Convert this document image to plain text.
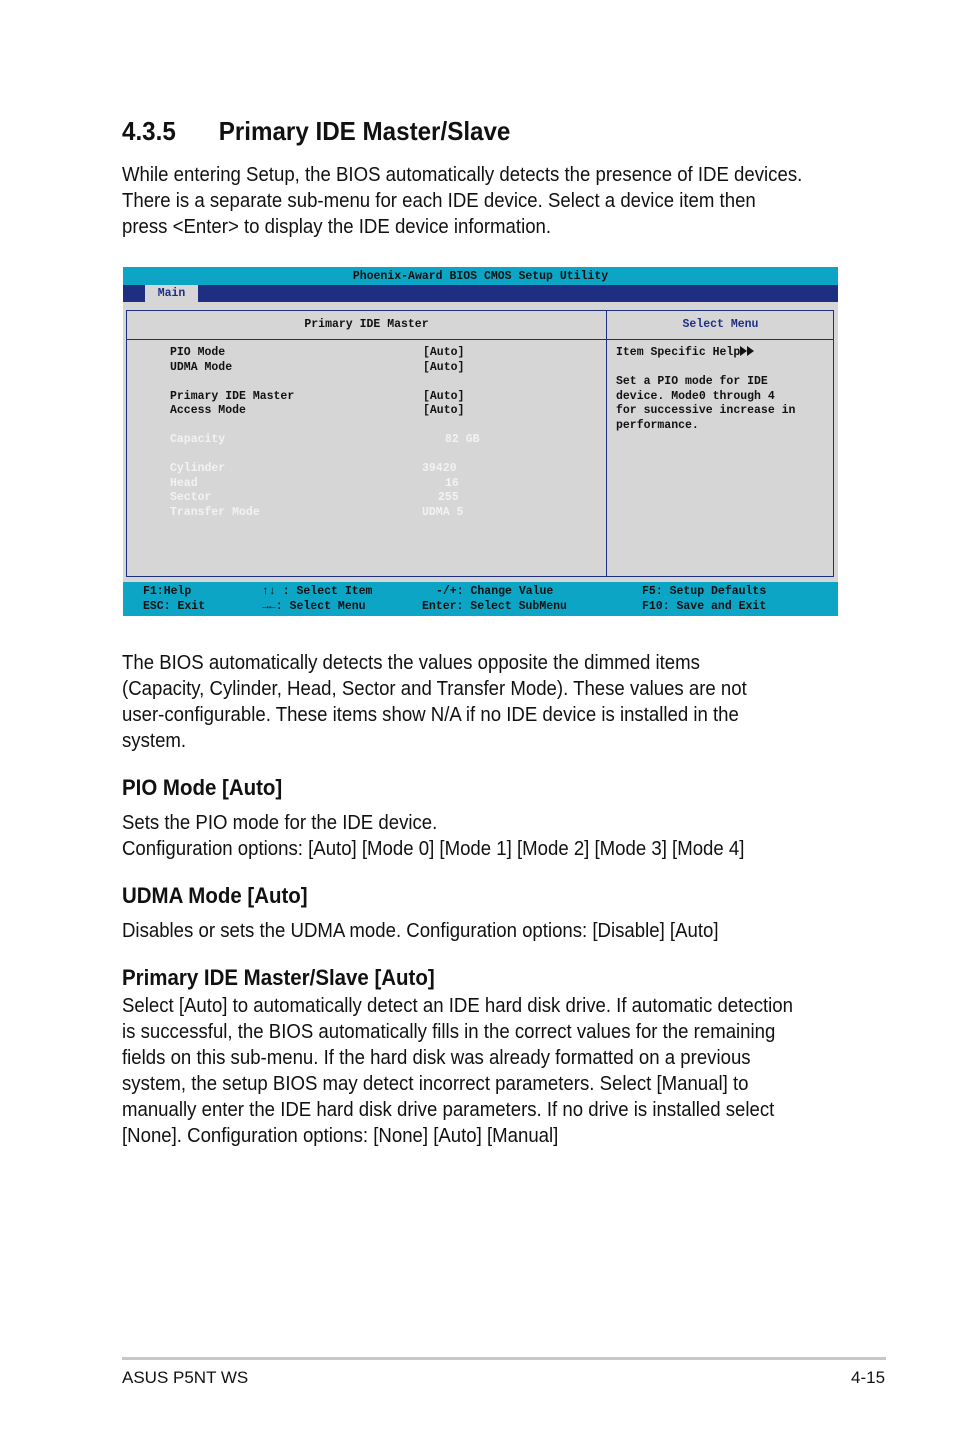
4.3.5 Primary IDE Master/Slave
While entering Setup, the BIOS automatically detects the presence of IDE devices.
There is a separate sub-menu for each IDE device. Select a device item then
press <Enter> to display the IDE device information.
Phoenix-Award BIOS CMOS Setup Utility
Main
Primary IDE Master	Select Menu
PIO Mode	[Auto]
UDMA Mode	[Auto]
Primary IDE Master	[Auto]
Access Mode	[Auto]
Capacity	82 GB
Cylinder	39420
Head	16
Sector	255
Transfer Mode	UDMA 5
Item Specific Help
Set a PIO mode for IDE
device. Mode0 through 4
for successive increase in
performance.
F1:Help
ESC: Exit
↑↓ : Select Item
→←: Select Menu
-/+: Change Value
Enter: Select SubMenu
F5: Setup Defaults
F10: Save and Exit
The BIOS automatically detects the values opposite the dimmed items
(Capacity, Cylinder, Head, Sector and Transfer Mode). These values are not
user-configurable. These items show N/A if no IDE device is installed in the
system.
PIO Mode [Auto]
Sets the PIO mode for the IDE device.
Configuration options: [Auto] [Mode 0] [Mode 1] [Mode 2] [Mode 3] [Mode 4]
UDMA Mode [Auto]
Disables or sets the UDMA mode. Configuration options: [Disable] [Auto]
Primary IDE Master/Slave [Auto]
Select [Auto] to automatically detect an IDE hard disk drive. If automatic detection
is successful, the BIOS automatically fills in the correct values for the remaining
fields on this sub-menu. If the hard disk was already formatted on a previous
system, the setup BIOS may detect incorrect parameters. Select [Manual] to
manually enter the IDE hard disk drive parameters. If no drive is installed select
[None]. Configuration options: [None] [Auto] [Manual]
ASUS P5NT WS	4-15
